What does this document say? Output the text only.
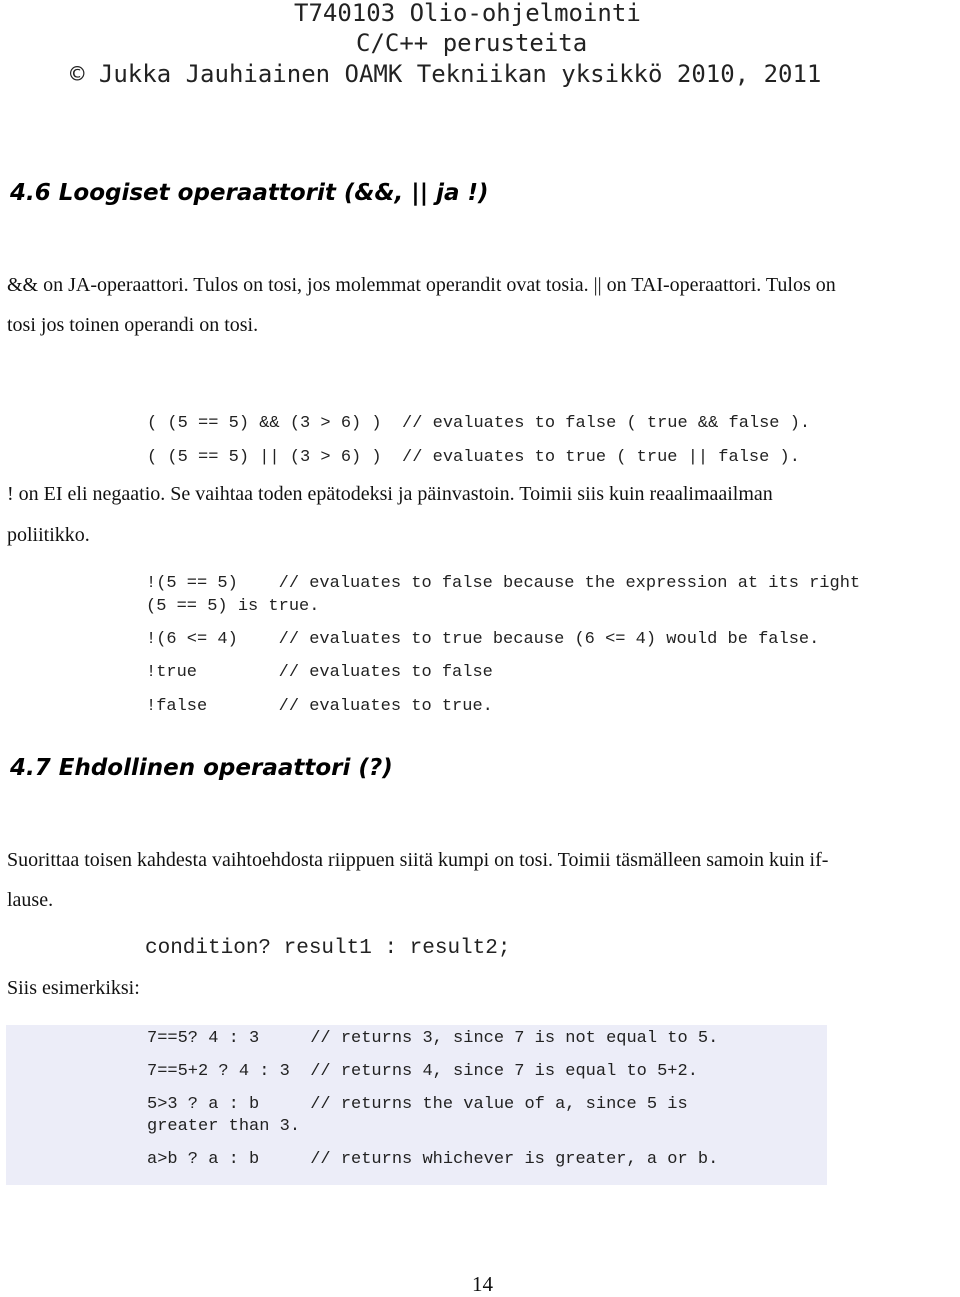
T740103 Olio-ohjelmointi
C/C++ perusteita
© Jukka Jauhiainen OAMK Tekniikan yksikkö 2010, 2011
4.6 Loogiset operaattorit (&&, || ja !)
&& on JA-operaattori. Tulos on tosi, jos molemmat operandit ovat tosia. || on TAI-operaattori. Tulos on
tosi jos toinen operandi on tosi.
( (5 == 5) && (3 > 6) )  // evaluates to false ( true && false ).
( (5 == 5) || (3 > 6) )  // evaluates to true ( true || false ).
! on EI eli negaatio. Se vaihtaa toden epätodeksi ja päinvastoin. Toimii siis kuin reaalimaailman
poliitikko.
!(5 == 5)    // evaluates to false because the expression at its right
(5 == 5) is true.
!(6 <= 4)    // evaluates to true because (6 <= 4) would be false.
!true        // evaluates to false
!false       // evaluates to true.
4.7 Ehdollinen operaattori (?)
Suorittaa toisen kahdesta vaihtoehdosta riippuen siitä kumpi on tosi. Toimii täsmälleen samoin kuin if-
lause.
condition? result1 : result2;
Siis esimerkiksi:
7==5? 4 : 3     // returns 3, since 7 is not equal to 5.
7==5+2 ? 4 : 3  // returns 4, since 7 is equal to 5+2.
5>3 ? a : b     // returns the value of a, since 5 is
greater than 3.
a>b ? a : b     // returns whichever is greater, a or b.
14
